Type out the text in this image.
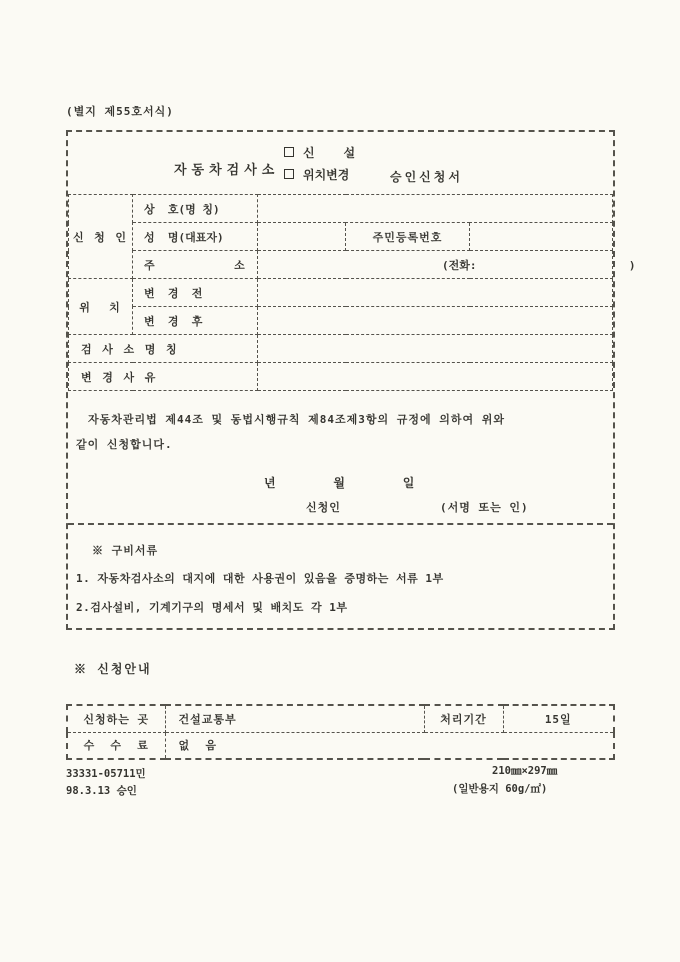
(별지 제55호서식)
자동차검사소
신    설
위치변경	승인신청서
신 청 인	상  호(명 칭)			
	성  명(대표자)		주민등록번호	
	주            소	(전화:                       )		
위  치	변  경  전			
	변  경  후			
검 사 소 명 칭				
변 경 사 유				
자동차관리법 제44조 및 동법시행규칙 제84조제3항의 규정에 의하여 위와
같이 신청합니다.
년        월        일
신청인	(서명 또는 인)
※ 구비서류
1. 자동차검사소의 대지에 대한 사용권이 있음을 증명하는 서류 1부
2.검사설비, 기계기구의 명세서 및 배치도 각 1부
※ 신청안내
신청하는 곳	건설교통부	처리기간	15일
수  수  료	없  음		
33331-05711민
98.3.13 승인
210㎜×297㎜
(일반용지 60g/㎡)
